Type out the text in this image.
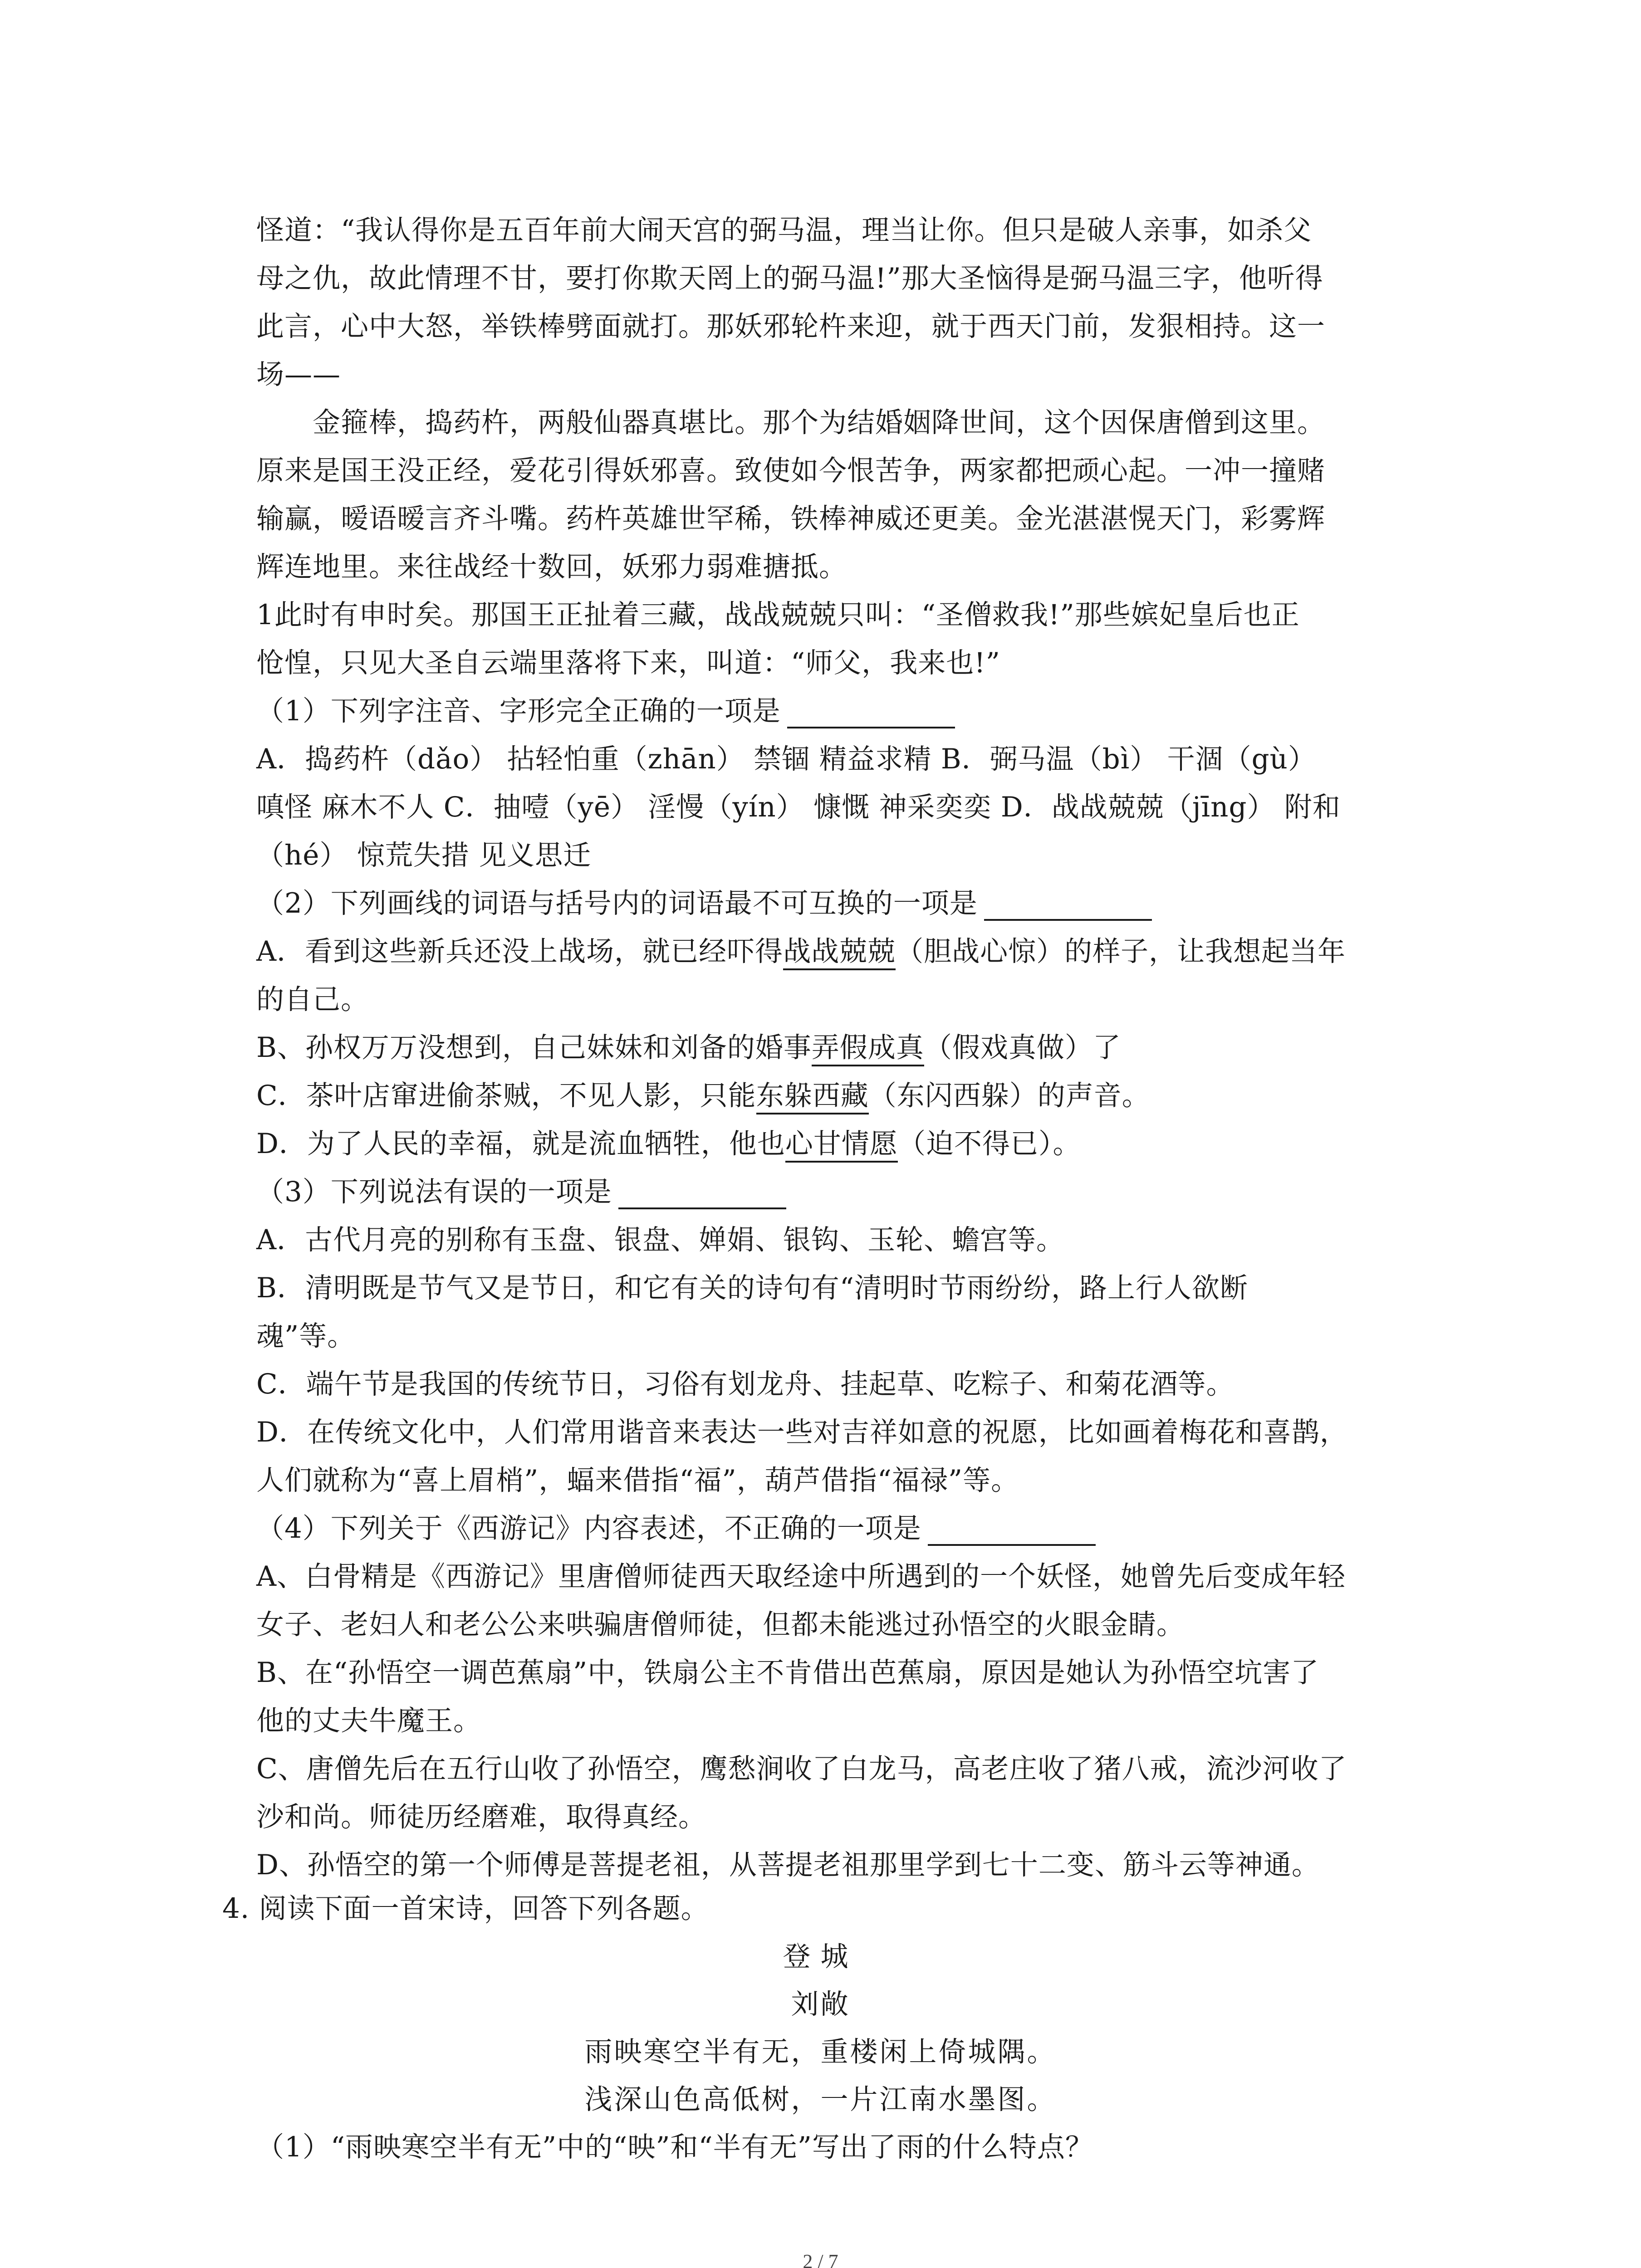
怪道：“我认得你是五百年前大闹天宫的弼马温，理当让你。但只是破人亲事，如杀父

母之仇，故此情理不甘，要打你欺天罔上的弼马温!”那大圣恼得是弼马温三字，他听得

此言，心中大怒，举铁棒劈面就打。那妖邪轮杵来迎，就于西天门前，发狠相持。这一

场——

金箍棒，捣药杵，两般仙器真堪比。那个为结婚姻降世间，这个因保唐僧到这里。

原来是国王没正经，爱花引得妖邪喜。致使如今恨苦争，两家都把顽心起。一冲一撞赌

输赢，暧语暧言齐斗嘴。药杵英雄世罕稀，铁棒神威还更美。金光湛湛愰天门，彩雾辉

辉连地里。来往战经十数回，妖邪力弱难搪抵。

1此时有申时矣。那国王正扯着三藏，战战兢兢只叫：“圣僧救我!”那些嫔妃皇后也正

怆惶，只见大圣自云端里落将下来，叫道：“师父，我来也!”

（1）下列字注音、字形完全正确的一项是

A．捣药杵（dǎo） 拈轻怕重（zhān） 禁锢 精益求精 B．弼马温（bì） 干涸（gù）

嗔怪 麻木不人 C．抽噎（yē） 淫慢（yín） 慷慨 神采奕奕 D．战战兢兢（jīng） 附和

（hé） 惊荒失措 见义思迁

（2）下列画线的词语与括号内的词语最不可互换的一项是

A．看到这些新兵还没上战场，就已经吓得战战兢兢（胆战心惊）的样子，让我想起当年

的自己。

B、孙权万万没想到，自己妹妹和刘备的婚事弄假成真（假戏真做）了

C．茶叶店窜进偷茶贼，不见人影，只能东躲西藏（东闪西躲）的声音。

D．为了人民的幸福，就是流血牺牲，他也心甘情愿（迫不得已）。

（3）下列说法有误的一项是

A．古代月亮的别称有玉盘、银盘、婵娟、银钩、玉轮、蟾宫等。

B．清明既是节气又是节日，和它有关的诗句有“清明时节雨纷纷，路上行人欲断

魂”等。

C．端午节是我国的传统节日，习俗有划龙舟、挂起草、吃粽子、和菊花酒等。

D．在传统文化中，人们常用谐音来表达一些对吉祥如意的祝愿，比如画着梅花和喜鹊，

人们就称为“喜上眉梢”，蝠来借指“福”，葫芦借指“福禄”等。

（4）下列关于《西游记》内容表述，不正确的一项是

A、白骨精是《西游记》里唐僧师徒西天取经途中所遇到的一个妖怪，她曾先后变成年轻

女子、老妇人和老公公来哄骗唐僧师徒，但都未能逃过孙悟空的火眼金睛。

B、在“孙悟空一调芭蕉扇”中，铁扇公主不肯借出芭蕉扇，原因是她认为孙悟空坑害了

他的丈夫牛魔王。

C、唐僧先后在五行山收了孙悟空，鹰愁涧收了白龙马，高老庄收了猪八戒，流沙河收了

沙和尚。师徒历经磨难，取得真经。

D、孙悟空的第一个师傅是菩提老祖，从菩提老祖那里学到七十二变、筋斗云等神通。

4. 阅读下面一首宋诗，回答下列各题。
登城
刘敞
雨映寒空半有无，重楼闲上倚城隅。
浅深山色高低树，一片江南水墨图。
（1）“雨映寒空半有无”中的“映”和“半有无”写出了雨的什么特点？
2 / 7
